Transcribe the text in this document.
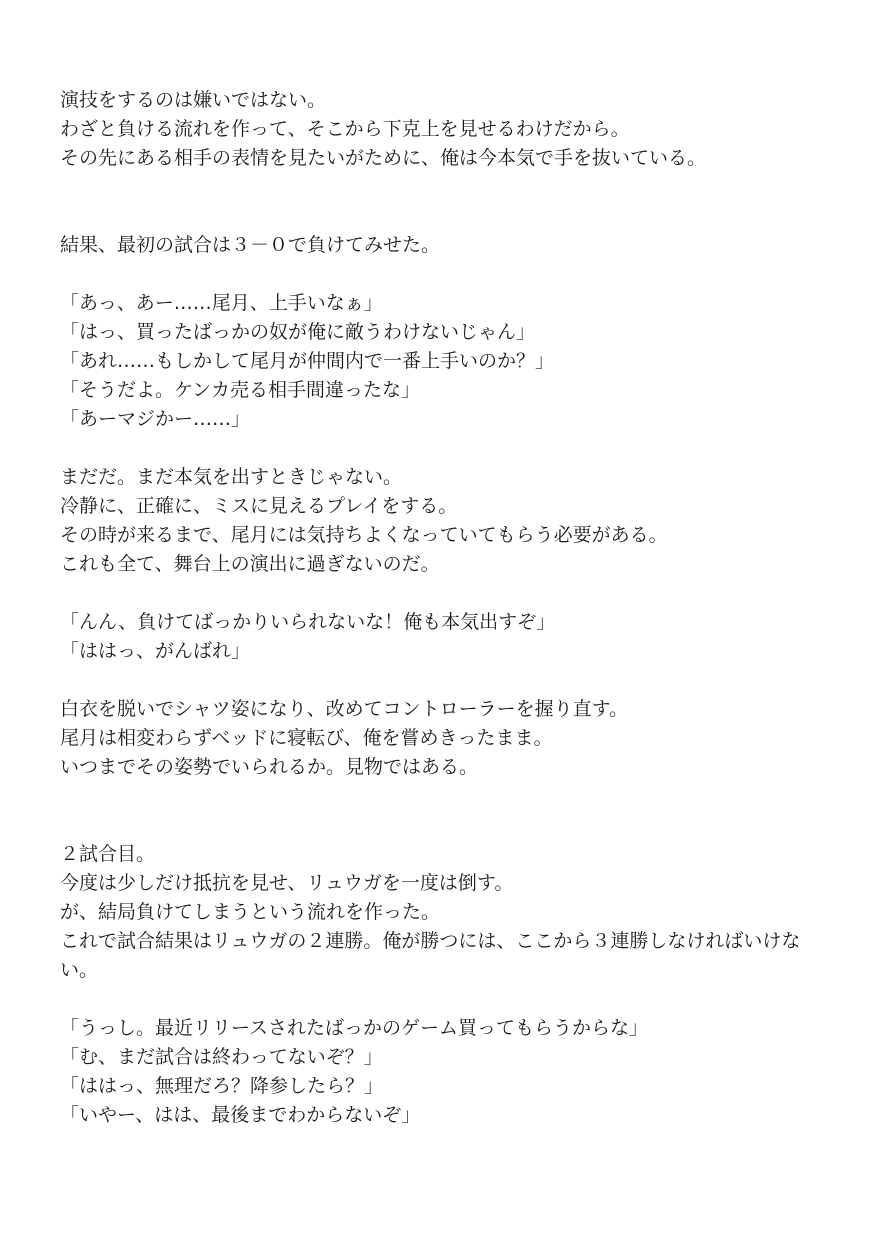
演技をするのは嫌いではない。
わざと負ける流れを作って、そこから下克上を見せるわけだから。
その先にある相手の表情を見たいがために、俺は今本気で手を抜いている。
結果、最初の試合は３－０で負けてみせた。
「あっ、あー……尾月、上手いなぁ」
「はっ、買ったばっかの奴が俺に敵うわけないじゃん」
「あれ……もしかして尾月が仲間内で一番上手いのか？」
「そうだよ。ケンカ売る相手間違ったな」
「あーマジかー……」
まだだ。まだ本気を出すときじゃない。
冷静に、正確に、ミスに見えるプレイをする。
その時が来るまで、尾月には気持ちよくなっていてもらう必要がある。
これも全て、舞台上の演出に過ぎないのだ。
「んん、負けてばっかりいられないな！俺も本気出すぞ」
「ははっ、がんばれ」
白衣を脱いでシャツ姿になり、改めてコントローラーを握り直す。
尾月は相変わらずベッドに寝転び、俺を嘗めきったまま。
いつまでその姿勢でいられるか。見物ではある。
２試合目。
今度は少しだけ抵抗を見せ、リュウガを一度は倒す。
が、結局負けてしまうという流れを作った。
これで試合結果はリュウガの２連勝。俺が勝つには、ここから３連勝しなければいけな
い。
「うっし。最近リリースされたばっかのゲーム買ってもらうからな」
「む、まだ試合は終わってないぞ？」
「ははっ、無理だろ？降参したら？」
「いやー、はは、最後までわからないぞ」
